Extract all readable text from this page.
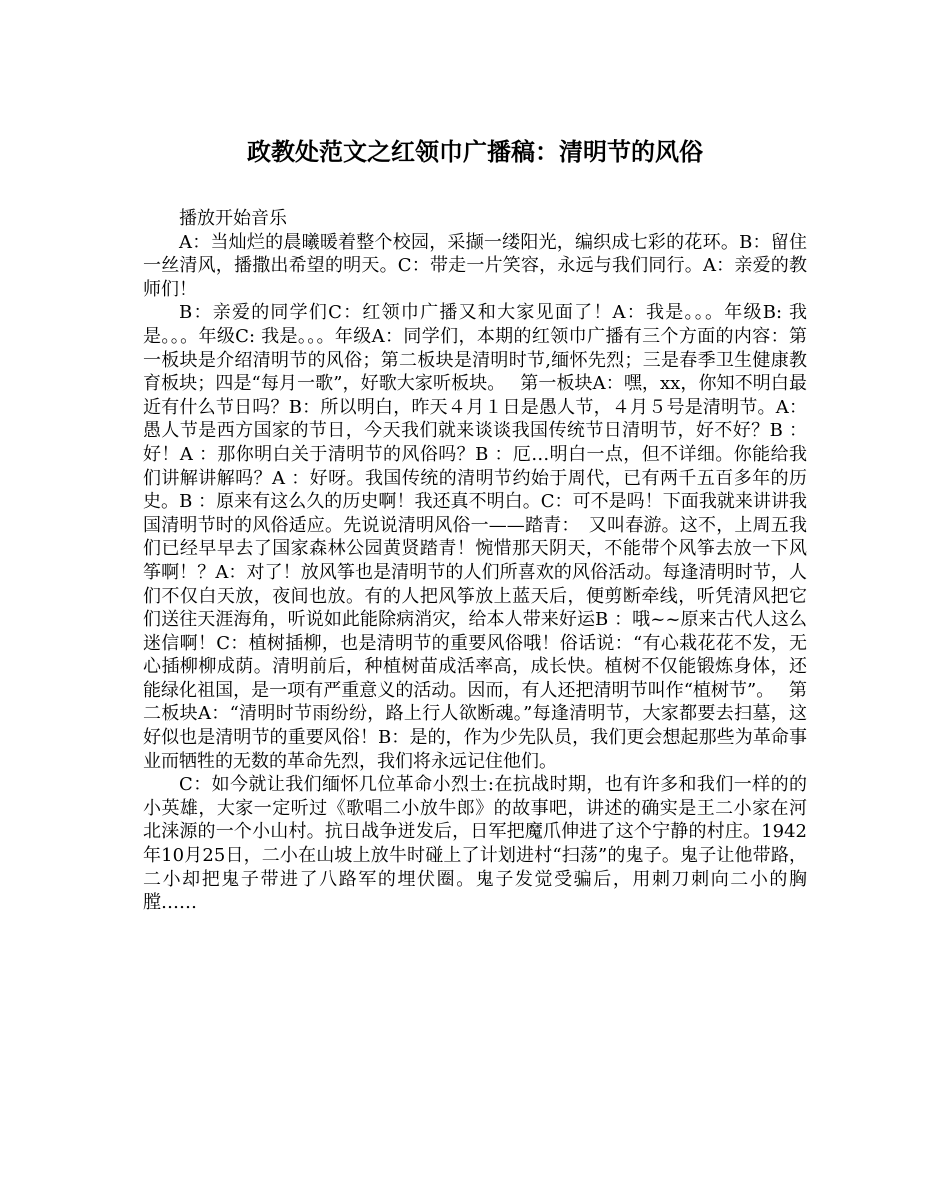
政教处范文之红领巾广播稿：清明节的风俗

播放开始音乐

A：当灿烂的晨曦暖着整个校园，采撷一缕阳光，编织成七彩的花环。B：留住一丝清风，播撒出希望的明天。C：带走一片笑容，永远与我们同行。A：亲爱的教师们！

B：亲爱的同学们C：红领巾广播又和大家见面了！A：我是。。。年级B: 我是。。。年级C: 我是。。。年级A：同学们，本期的红领巾广播有三个方面的内容：第一板块是介绍清明节的风俗；第二板块是清明时节,缅怀先烈；三是春季卫生健康教育板块；四是“每月一歌”，好歌大家听板块。　 第一板块A：嘿，xx，你知不明白最近有什么节日吗？B：所以明白，昨天４月１日是愚人节，４月５号是清明节。A：愚人节是西方国家的节日，今天我们就来谈谈我国传统节日清明节，好不好？B ：好！A ：那你明白关于清明节的风俗吗？B ：厄…明白一点，但不详细。你能给我们讲解讲解吗？A ：好呀。我国传统的清明节约始于周代，已有两千五百多年的历史。B ：原来有这么久的历史啊！我还真不明白。C：可不是吗！下面我就来讲讲我国清明节时的风俗适应。先说说清明风俗一——踏青：　又叫春游。这不，上周五我们已经早早去了国家森林公园黄贤踏青！惋惜那天阴天，不能带个风筝去放一下风筝啊！？A：对了！放风筝也是清明节的人们所喜欢的风俗活动。每逢清明时节，人们不仅白天放，夜间也放。有的人把风筝放上蓝天后，便剪断牵线，听凭清风把它们送往天涯海角，听说如此能除病消灾，给本人带来好运B ：哦~~原来古代人这么迷信啊！C：植树插柳，也是清明节的重要风俗哦！俗话说：“有心栽花花不发，无心插柳柳成荫。清明前后，种植树苗成活率高，成长快。植树不仅能锻炼身体，还能绿化祖国，是一项有严重意义的活动。因而，有人还把清明节叫作“植树节”。　 第二板块A：“清明时节雨纷纷，路上行人欲断魂。”每逢清明节，大家都要去扫墓，这好似也是清明节的重要风俗！B：是的，作为少先队员，我们更会想起那些为革命事业而牺牲的无数的革命先烈，我们将永远记住他们。

C：如今就让我们缅怀几位革命小烈士:在抗战时期，也有许多和我们一样的的小英雄，大家一定听过《歌唱二小放牛郎》的故事吧，讲述的确实是王二小家在河北涞源的一个小山村。抗日战争迸发后，日军把魔爪伸进了这个宁静的村庄。1942年10月25日，二小在山坡上放牛时碰上了计划进村“扫荡”的鬼子。鬼子让他带路，二小却把鬼子带进了八路军的埋伏圈。鬼子发觉受骗后，用刺刀刺向二小的胸膛……
